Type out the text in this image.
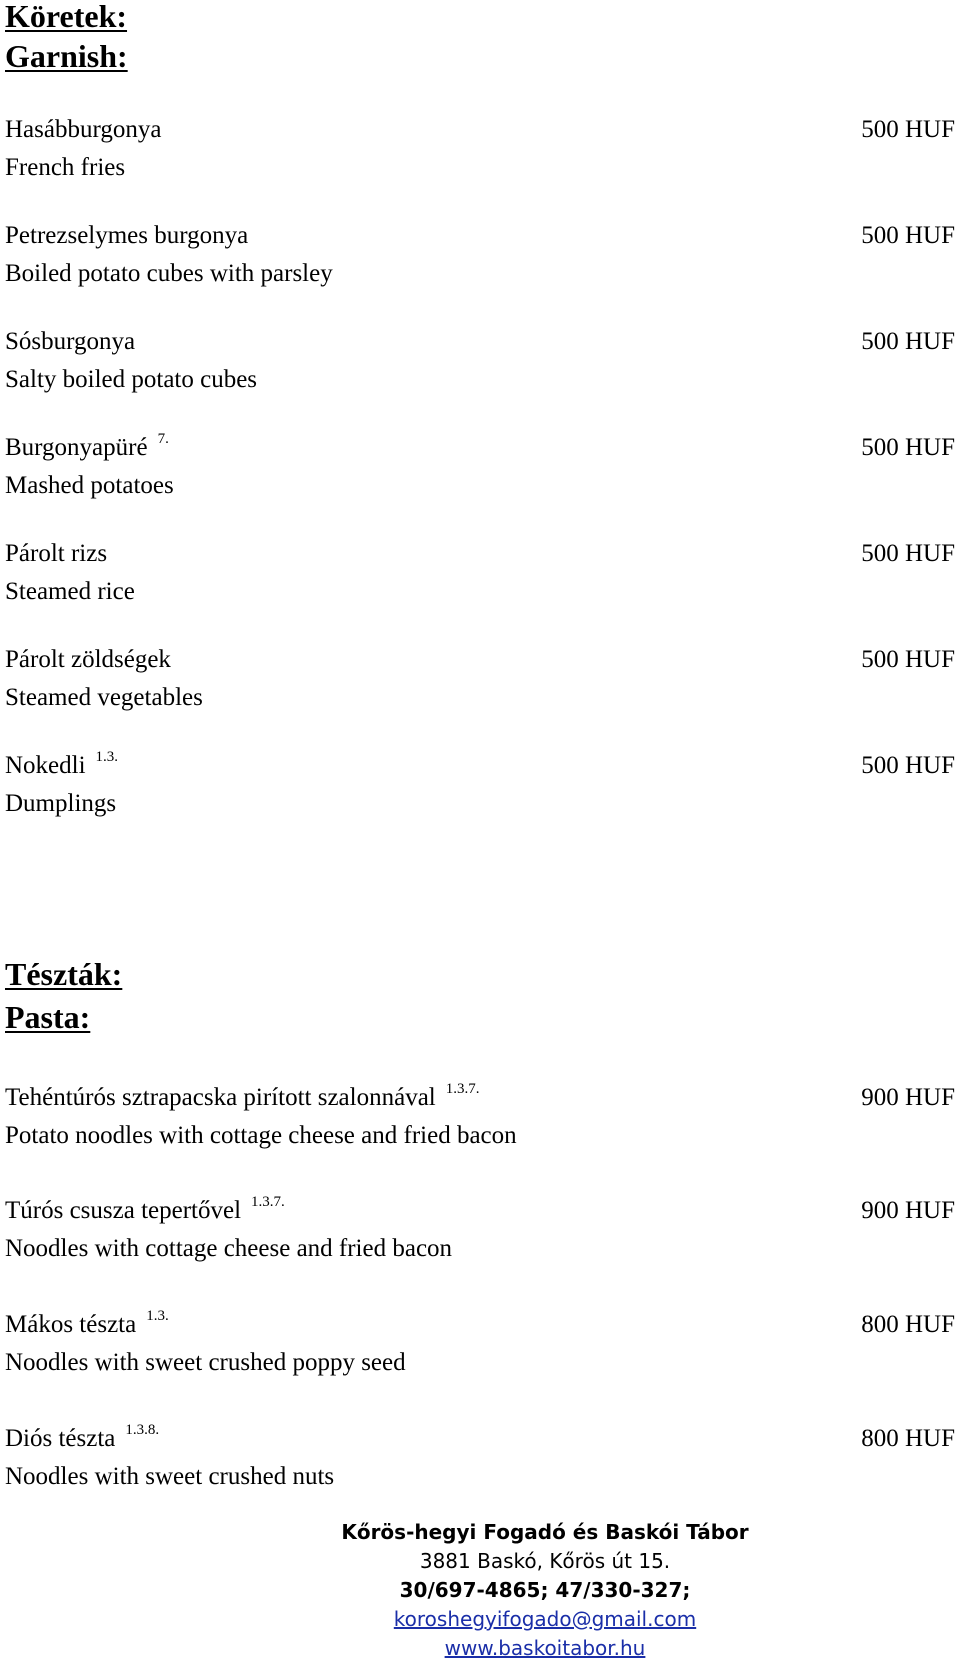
Köretek:
Garnish:
Hasábburgonya
French fries
500 HUF
Petrezselymes burgonya
Boiled potato cubes with parsley
500 HUF
Sósburgonya
Salty boiled potato cubes
500 HUF
Burgonyapüré $^{7.}$
Mashed potatoes
500 HUF
Párolt rizs
Steamed rice
500 HUF
Párolt zöldségek
Steamed vegetables
500 HUF
Nokedli $^{1.3.}$
Dumplings
500 HUF
Tészták:
Pasta:
Tehéntúrós sztrapacska pirított szalonnával $^{1.3.7.}$
Potato noodles with cottage cheese and fried bacon
900 HUF
Túrós csusza tepertővel $^{1.3.7.}$
Noodles with cottage cheese and fried bacon
900 HUF
Mákos tészta $^{1.3.}$
Noodles with sweet crushed poppy seed
800 HUF
Diós tészta $^{1.3.8.}$
Noodles with sweet crushed nuts
800 HUF
Kőrös-hegyi Fogadó és Baskói Tábor
3881 Baskó, Kőrös út 15.
30/697-4865; 47/330-327;
koroshegyifogado@gmail.com
www.baskoitabor.hu
